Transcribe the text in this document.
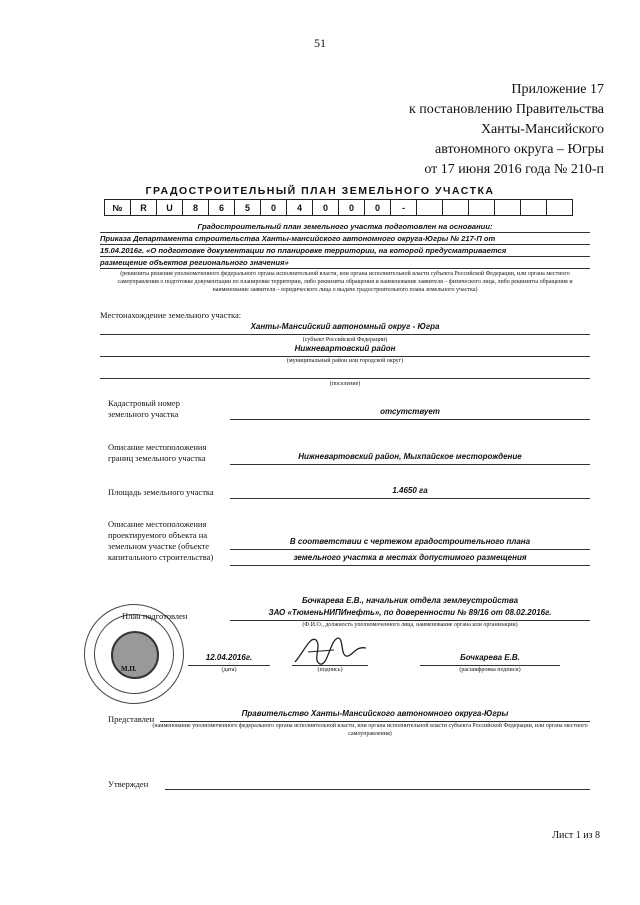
51
Приложение 17
к постановлению Правительства
Ханты-Мансийского
автономного округа – Югры
от 17 июня 2016 года № 210-п
ГРАДОСТРОИТЕЛЬНЫЙ ПЛАН ЗЕМЕЛЬНОГО УЧАСТКА
№	R	U	8	6	5	0	4	0	0	0	-						
Градостроительный план земельного участка подготовлен на основании:
Приказа Департамента строительства Ханты-мансийского автономного округа-Югры № 217-П от
15.04.2016г. «О подготовке документации по планировке территории, на которой предусматривается
размещение объектов регионального значения»
(реквизиты решения уполномоченного федерального органа исполнительной власти, или органа исполнительной власти субъекта Российской Федерации, или органа местного самоуправления о подготовке документации по планировке территории, либо реквизиты обращения и наименование заявителя – физического лица, либо реквизиты обращения и наименование заявителя – юридического лица о выдаче градостроительного плана земельного участка)
Местонахождение земельного участка:
Ханты-Мансийский автономный округ - Югра
(субъект Российской Федерации)
Нижневартовский район
(муниципальный район или городской округ)
(поселение)
Кадастровый номер
земельного участка	отсутствует
Описание местоположения
границ земельного участка	Нижневартовский район, Мыхпайское месторождение
Площадь земельного участка	1.4650 га
Описание местоположения
проектируемого объекта на
земельном участке (объекте
капитального строительства)
В соответствии с чертежом градостроительного плана
земельного участка в местах допустимого размещения
М.П.
План подготовлен
Бочкарева Е.В., начальник отдела землеустройства
ЗАО «ТюменьНИПИнефть», по доверенности № 89/16 от 08.02.2016г.
(Ф.И.О., должность уполномоченного лица, наименование органа или организации)
12.04.2016г.
(дата)	(подпись)
Бочкарева Е.В.
(расшифровка подписи)
Представлен
Правительство Ханты-Мансийского автономного округа-Югры
(наименование уполномоченного федерального органа исполнительной власти, или органа исполнительной власти субъекта Российской Федерации, или органа местного самоуправления)
Утвержден
Лист 1 из 8
